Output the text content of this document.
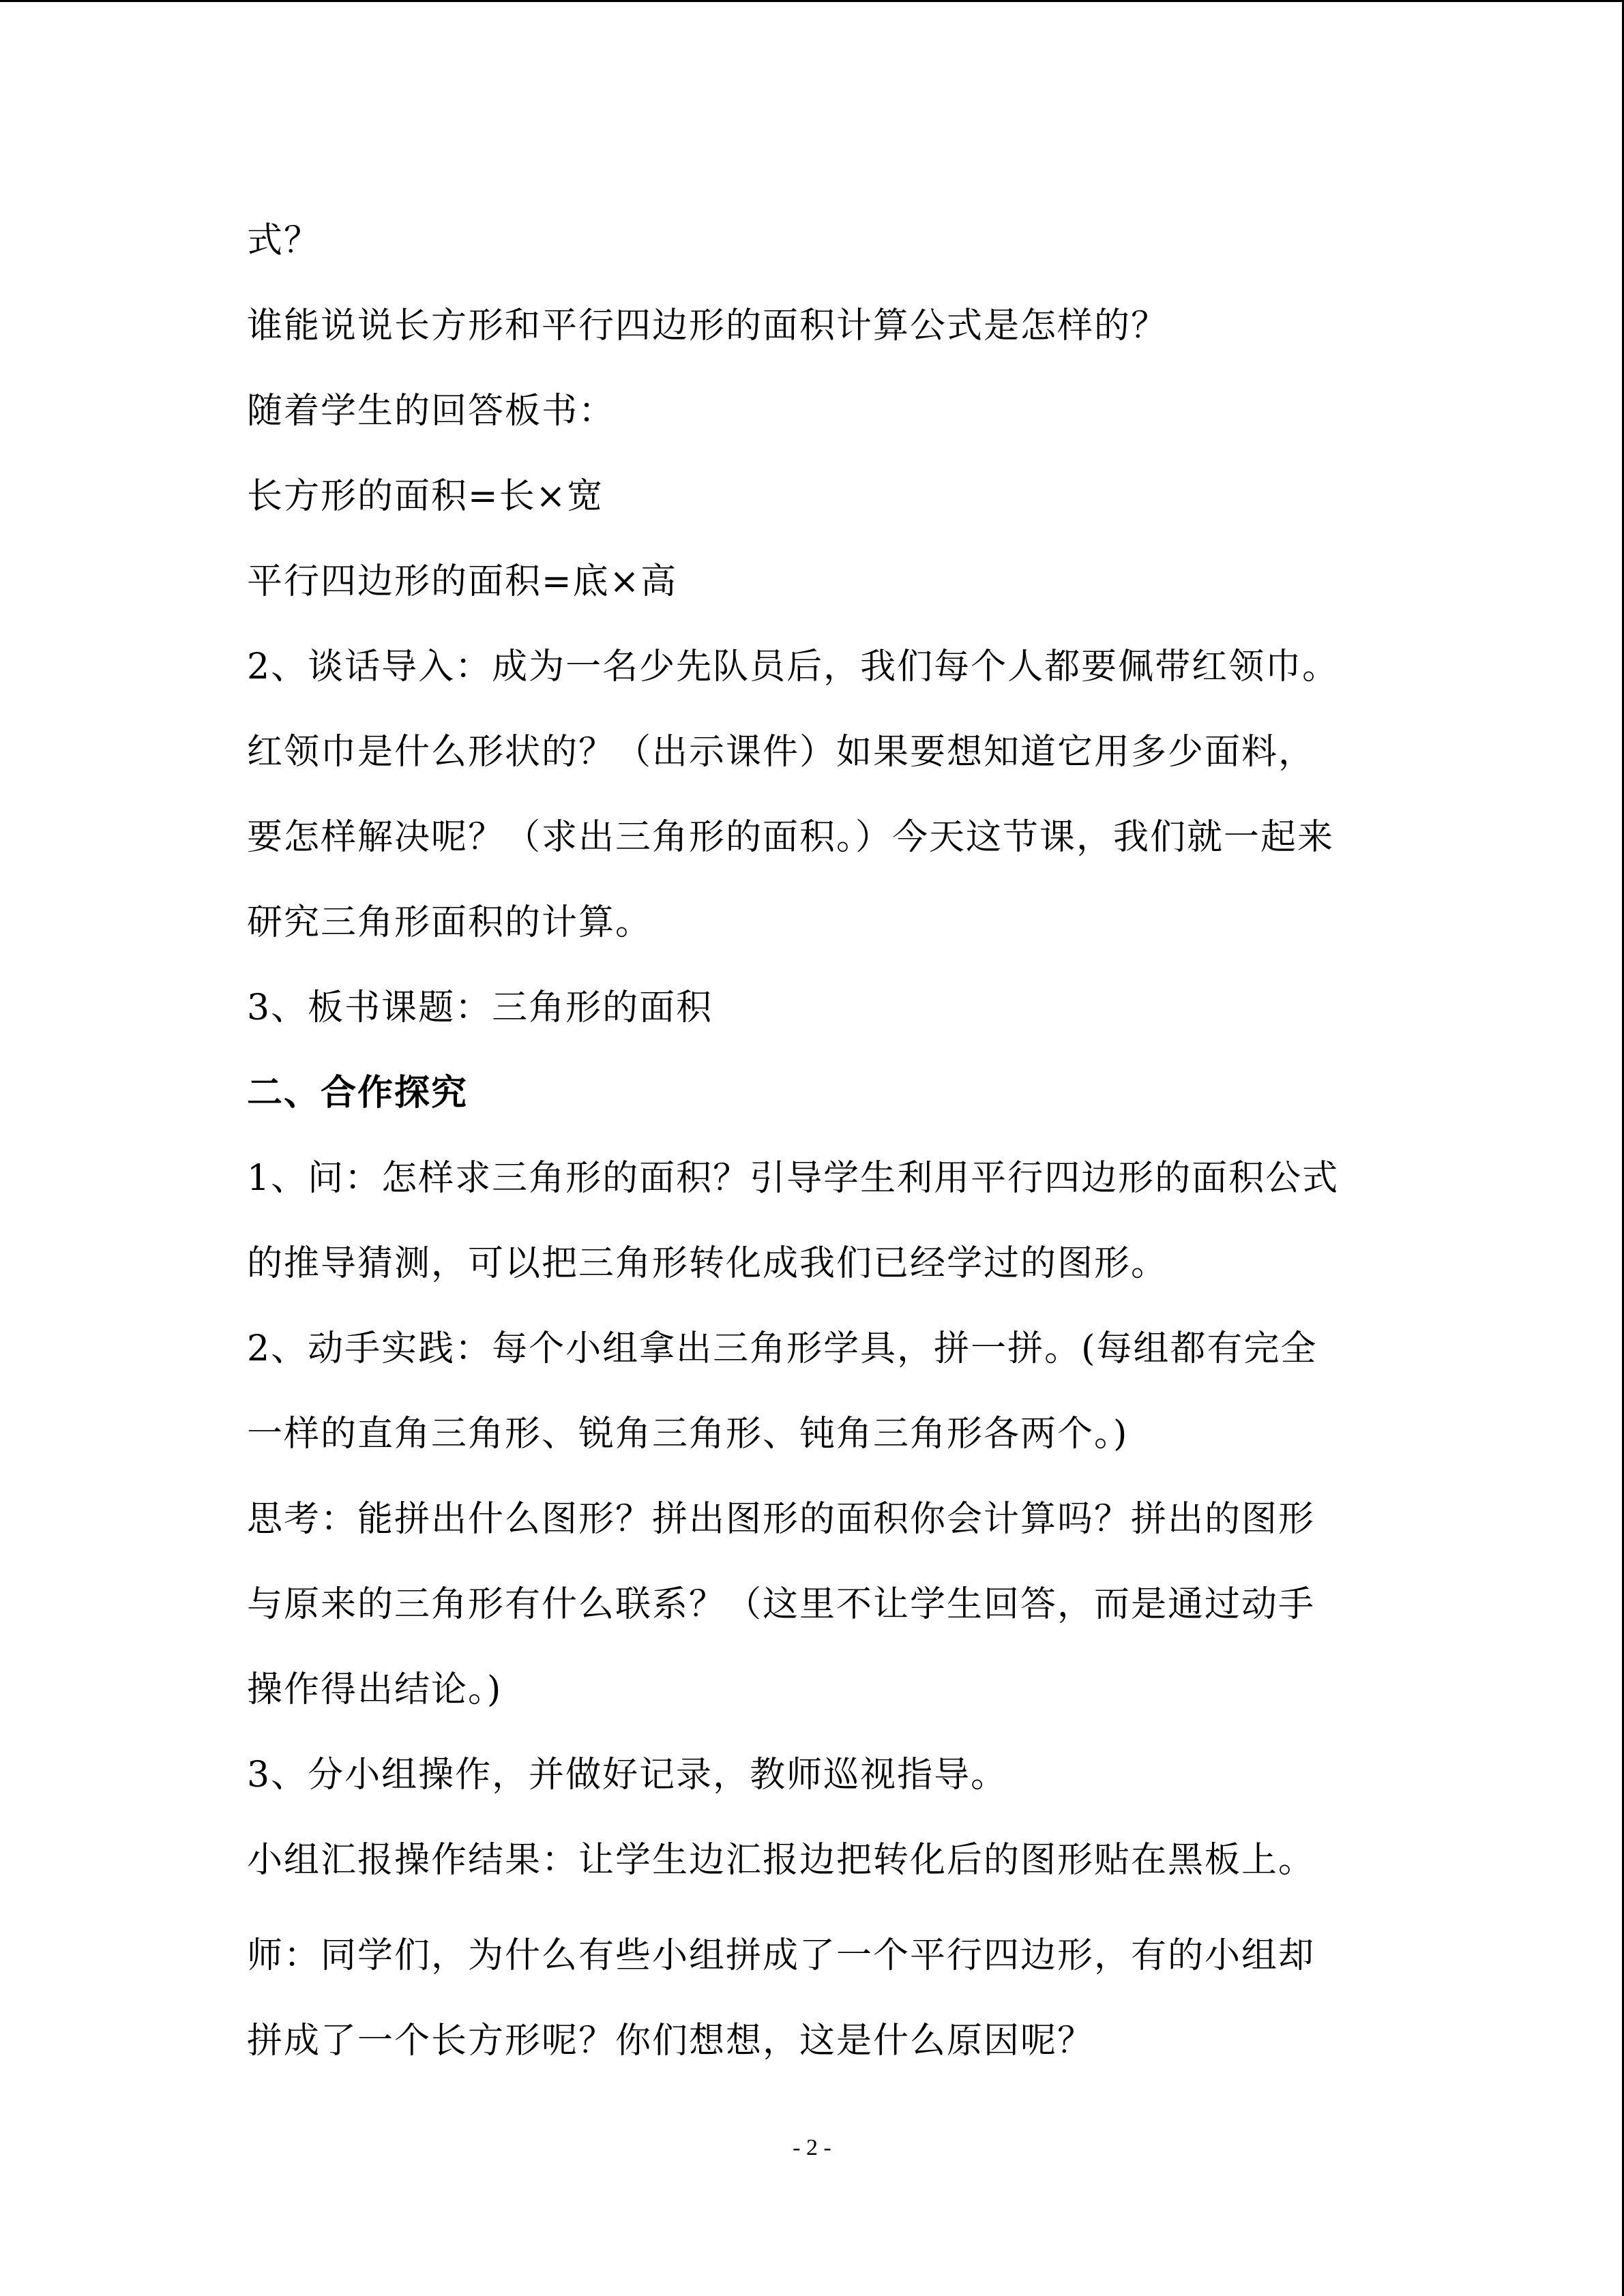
式？
谁能说说长方形和平行四边形的面积计算公式是怎样的？
随着学生的回答板书：
长方形的面积=长×宽
平行四边形的面积=底×高
2、谈话导入：成为一名少先队员后，我们每个人都要佩带红领巾。
红领巾是什么形状的？（出示课件）如果要想知道它用多少面料，
要怎样解决呢？（求出三角形的面积。）今天这节课，我们就一起来
研究三角形面积的计算。
3、板书课题：三角形的面积
二、合作探究
1、问：怎样求三角形的面积？引导学生利用平行四边形的面积公式
的推导猜测，可以把三角形转化成我们已经学过的图形。
2、动手实践：每个小组拿出三角形学具，拼一拼。(每组都有完全
一样的直角三角形、锐角三角形、钝角三角形各两个。)
思考：能拼出什么图形？拼出图形的面积你会计算吗？拼出的图形
与原来的三角形有什么联系？（这里不让学生回答，而是通过动手
操作得出结论。)
3、分小组操作，并做好记录，教师巡视指导。
小组汇报操作结果：让学生边汇报边把转化后的图形贴在黑板上。
师：同学们，为什么有些小组拼成了一个平行四边形，有的小组却
拼成了一个长方形呢？你们想想，这是什么原因呢？
- 2 -
